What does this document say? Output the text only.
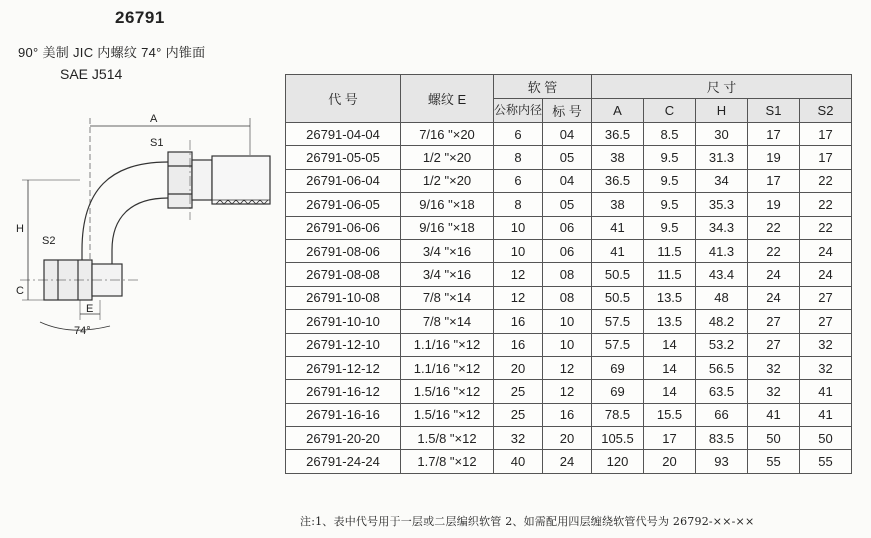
26791
90° 美制 JIC 内螺纹 74° 内锥面
SAE J514
A
S1
S2
H
C
E
74°
代 号	螺纹 E	软 管		尺 寸				
		公称内径	标 号	A	C	H	S1	S2
26791-04-04	7/16 "×20	6	04	36.5	8.5	30	17	17
26791-05-05	1/2 "×20	8	05	38	9.5	31.3	19	17
26791-06-04	1/2 "×20	6	04	36.5	9.5	34	17	22
26791-06-05	9/16 "×18	8	05	38	9.5	35.3	19	22
26791-06-06	9/16 "×18	10	06	41	9.5	34.3	22	22
26791-08-06	3/4 "×16	10	06	41	11.5	41.3	22	24
26791-08-08	3/4 "×16	12	08	50.5	11.5	43.4	24	24
26791-10-08	7/8 "×14	12	08	50.5	13.5	48	24	27
26791-10-10	7/8 "×14	16	10	57.5	13.5	48.2	27	27
26791-12-10	1.1/16 "×12	16	10	57.5	14	53.2	27	32
26791-12-12	1.1/16 "×12	20	12	69	14	56.5	32	32
26791-16-12	1.5/16 "×12	25	12	69	14	63.5	32	41
26791-16-16	1.5/16 "×12	25	16	78.5	15.5	66	41	41
26791-20-20	1.5/8 "×12	32	20	105.5	17	83.5	50	50
26791-24-24	1.7/8 "×12	40	24	120	20	93	55	55
注:1、表中代号用于一层或二层编织软管 2、如需配用四层缠绕软管代号为 26792-××-××
